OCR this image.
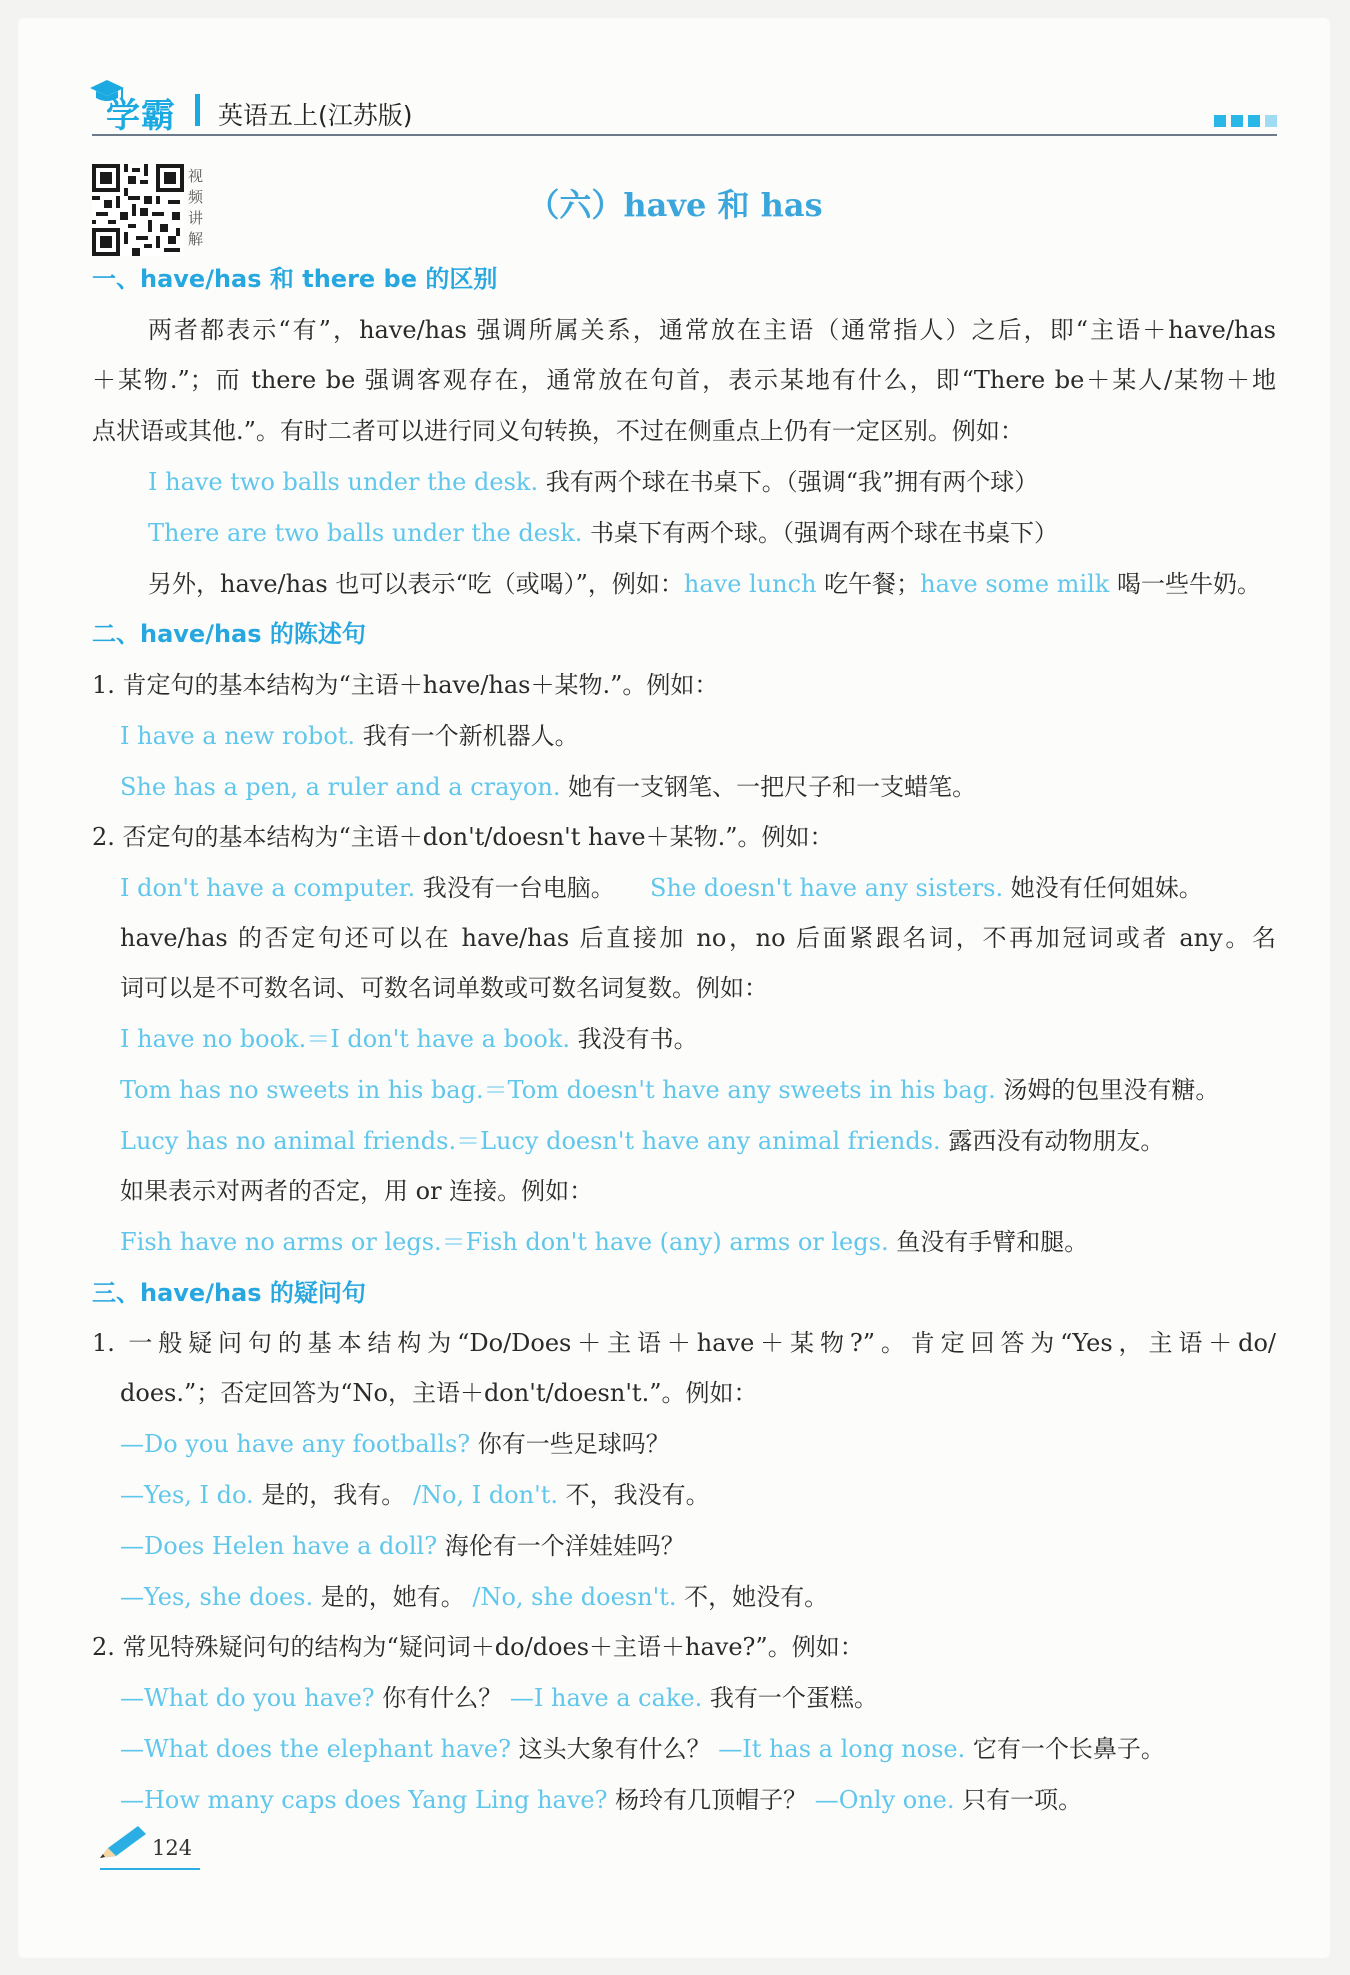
学霸 英语五上(江苏版)
视频讲解
（六）have 和 has
一、have/has 和 there be 的区别
两者都表示“有”，have/has 强调所属关系，通常放在主语（通常指人）之后，即“主语＋have/has
＋某物.”；而 there be 强调客观存在，通常放在句首，表示某地有什么，即“There be＋某人/某物＋地
点状语或其他.”。有时二者可以进行同义句转换，不过在侧重点上仍有一定区别。例如：
I have two balls under the desk. 我有两个球在书桌下。（强调“我”拥有两个球）
There are two balls under the desk. 书桌下有两个球。（强调有两个球在书桌下）
另外，have/has 也可以表示“吃（或喝）”，例如：have lunch 吃午餐；have some milk 喝一些牛奶。
二、have/has 的陈述句
1. 肯定句的基本结构为“主语＋have/has＋某物.”。例如：
I have a new robot. 我有一个新机器人。
She has a pen, a ruler and a crayon. 她有一支钢笔、一把尺子和一支蜡笔。
2. 否定句的基本结构为“主语＋don't/doesn't have＋某物.”。例如：
I don't have a computer. 我没有一台电脑。 She doesn't have any sisters. 她没有任何姐妹。
have/has 的否定句还可以在 have/has 后直接加 no，no 后面紧跟名词，不再加冠词或者 any。名
词可以是不可数名词、可数名词单数或可数名词复数。例如：
I have no book.＝I don't have a book. 我没有书。
Tom has no sweets in his bag.＝Tom doesn't have any sweets in his bag. 汤姆的包里没有糖。
Lucy has no animal friends.＝Lucy doesn't have any animal friends. 露西没有动物朋友。
如果表示对两者的否定，用 or 连接。例如：
Fish have no arms or legs.＝Fish don't have (any) arms or legs. 鱼没有手臂和腿。
三、have/has 的疑问句
1. 一般疑问句的基本结构为“Do/Does＋主语＋have＋某物?”。肯定回答为“Yes，主语＋do/
does.”；否定回答为“No，主语＋don't/doesn't.”。例如：
—Do you have any footballs? 你有一些足球吗？
—Yes, I do. 是的，我有。 /No, I don't. 不，我没有。
—Does Helen have a doll? 海伦有一个洋娃娃吗？
—Yes, she does. 是的，她有。 /No, she doesn't. 不，她没有。
2. 常见特殊疑问句的结构为“疑问词＋do/does＋主语＋have?”。例如：
—What do you have? 你有什么？ —I have a cake. 我有一个蛋糕。
—What does the elephant have? 这头大象有什么？ —It has a long nose. 它有一个长鼻子。
—How many caps does Yang Ling have? 杨玲有几顶帽子？ —Only one. 只有一项。
124
